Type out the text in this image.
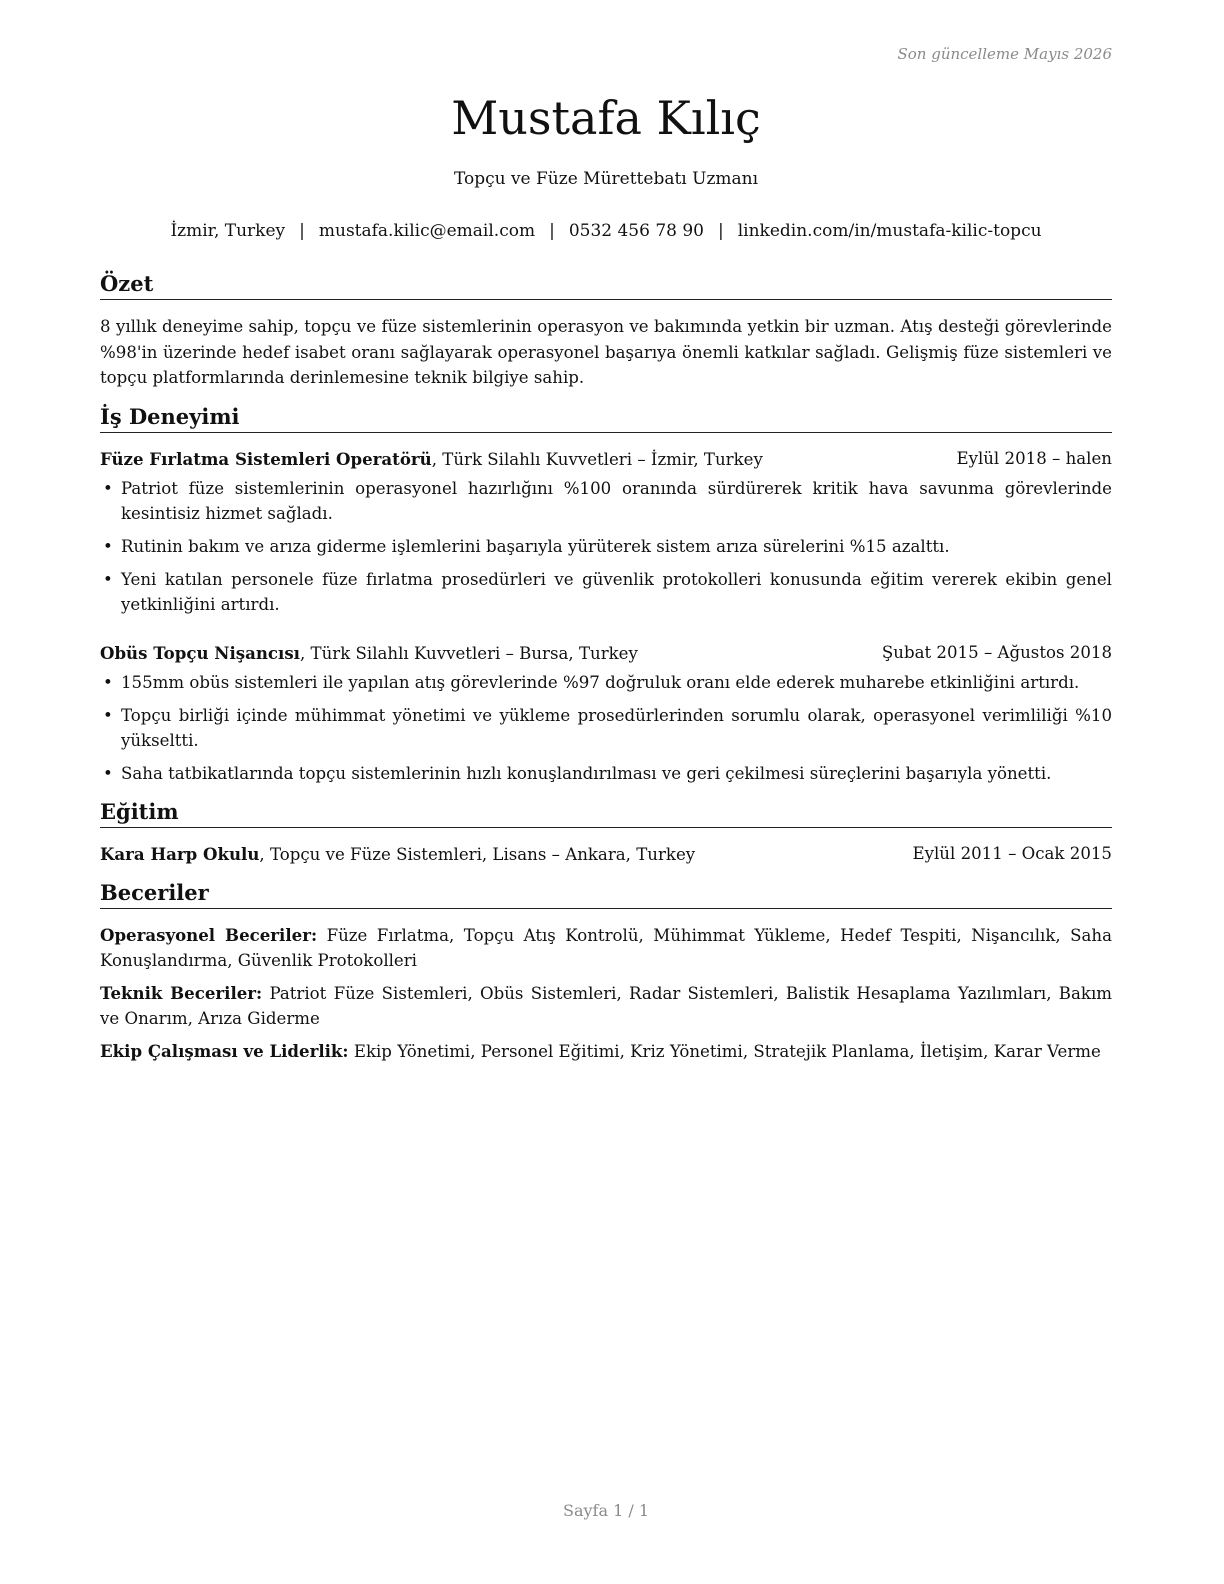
Son güncelleme Mayıs 2026
Mustafa Kılıç
Topçu ve Füze Mürettebatı Uzmanı
İzmir, Turkey | mustafa.kilic@email.com | 0532 456 78 90 | linkedin.com/in/mustafa-kilic-topcu
Özet

8 yıllık deneyime sahip, topçu ve füze sistemlerinin operasyon ve bakımında yetkin bir uzman. Atış desteği görevlerinde %98'in üzerinde hedef isabet oranı sağlayarak operasyonel başarıya önemli katkılar sağladı. Gelişmiş füze sistemleri ve topçu platformlarında derinlemesine teknik bilgiye sahip.

İş Deneyimi
Füze Fırlatma Sistemleri Operatörü, Türk Silahlı Kuvvetleri – İzmir, Turkey	Eylül 2018 – halen
• Patriot füze sistemlerinin operasyonel hazırlığını %100 oranında sürdürerek kritik hava savunma görevlerinde kesintisiz hizmet sağladı.
• Rutinin bakım ve arıza giderme işlemlerini başarıyla yürüterek sistem arıza sürelerini %15 azalttı.
• Yeni katılan personele füze fırlatma prosedürleri ve güvenlik protokolleri konusunda eğitim vererek ekibin genel yetkinliğini artırdı.
Obüs Topçu Nişancısı, Türk Silahlı Kuvvetleri – Bursa, Turkey	Şubat 2015 – Ağustos 2018
• 155mm obüs sistemleri ile yapılan atış görevlerinde %97 doğruluk oranı elde ederek muharebe etkinliğini artırdı.
• Topçu birliği içinde mühimmat yönetimi ve yükleme prosedürlerinden sorumlu olarak, operasyonel verimliliği %10 yükseltti.
• Saha tatbikatlarında topçu sistemlerinin hızlı konuşlandırılması ve geri çekilmesi süreçlerini başarıyla yönetti.
Eğitim
Kara Harp Okulu, Topçu ve Füze Sistemleri, Lisans – Ankara, Turkey	Eylül 2011 – Ocak 2015
Beceriler
Operasyonel Beceriler: Füze Fırlatma, Topçu Atış Kontrolü, Mühimmat Yükleme, Hedef Tespiti, Nişancılık, Saha Konuşlandırma, Güvenlik Protokolleri
Teknik Beceriler: Patriot Füze Sistemleri, Obüs Sistemleri, Radar Sistemleri, Balistik Hesaplama Yazılımları, Bakım ve Onarım, Arıza Giderme
Ekip Çalışması ve Liderlik: Ekip Yönetimi, Personel Eğitimi, Kriz Yönetimi, Stratejik Planlama, İletişim, Karar Verme
Sayfa 1 / 1
